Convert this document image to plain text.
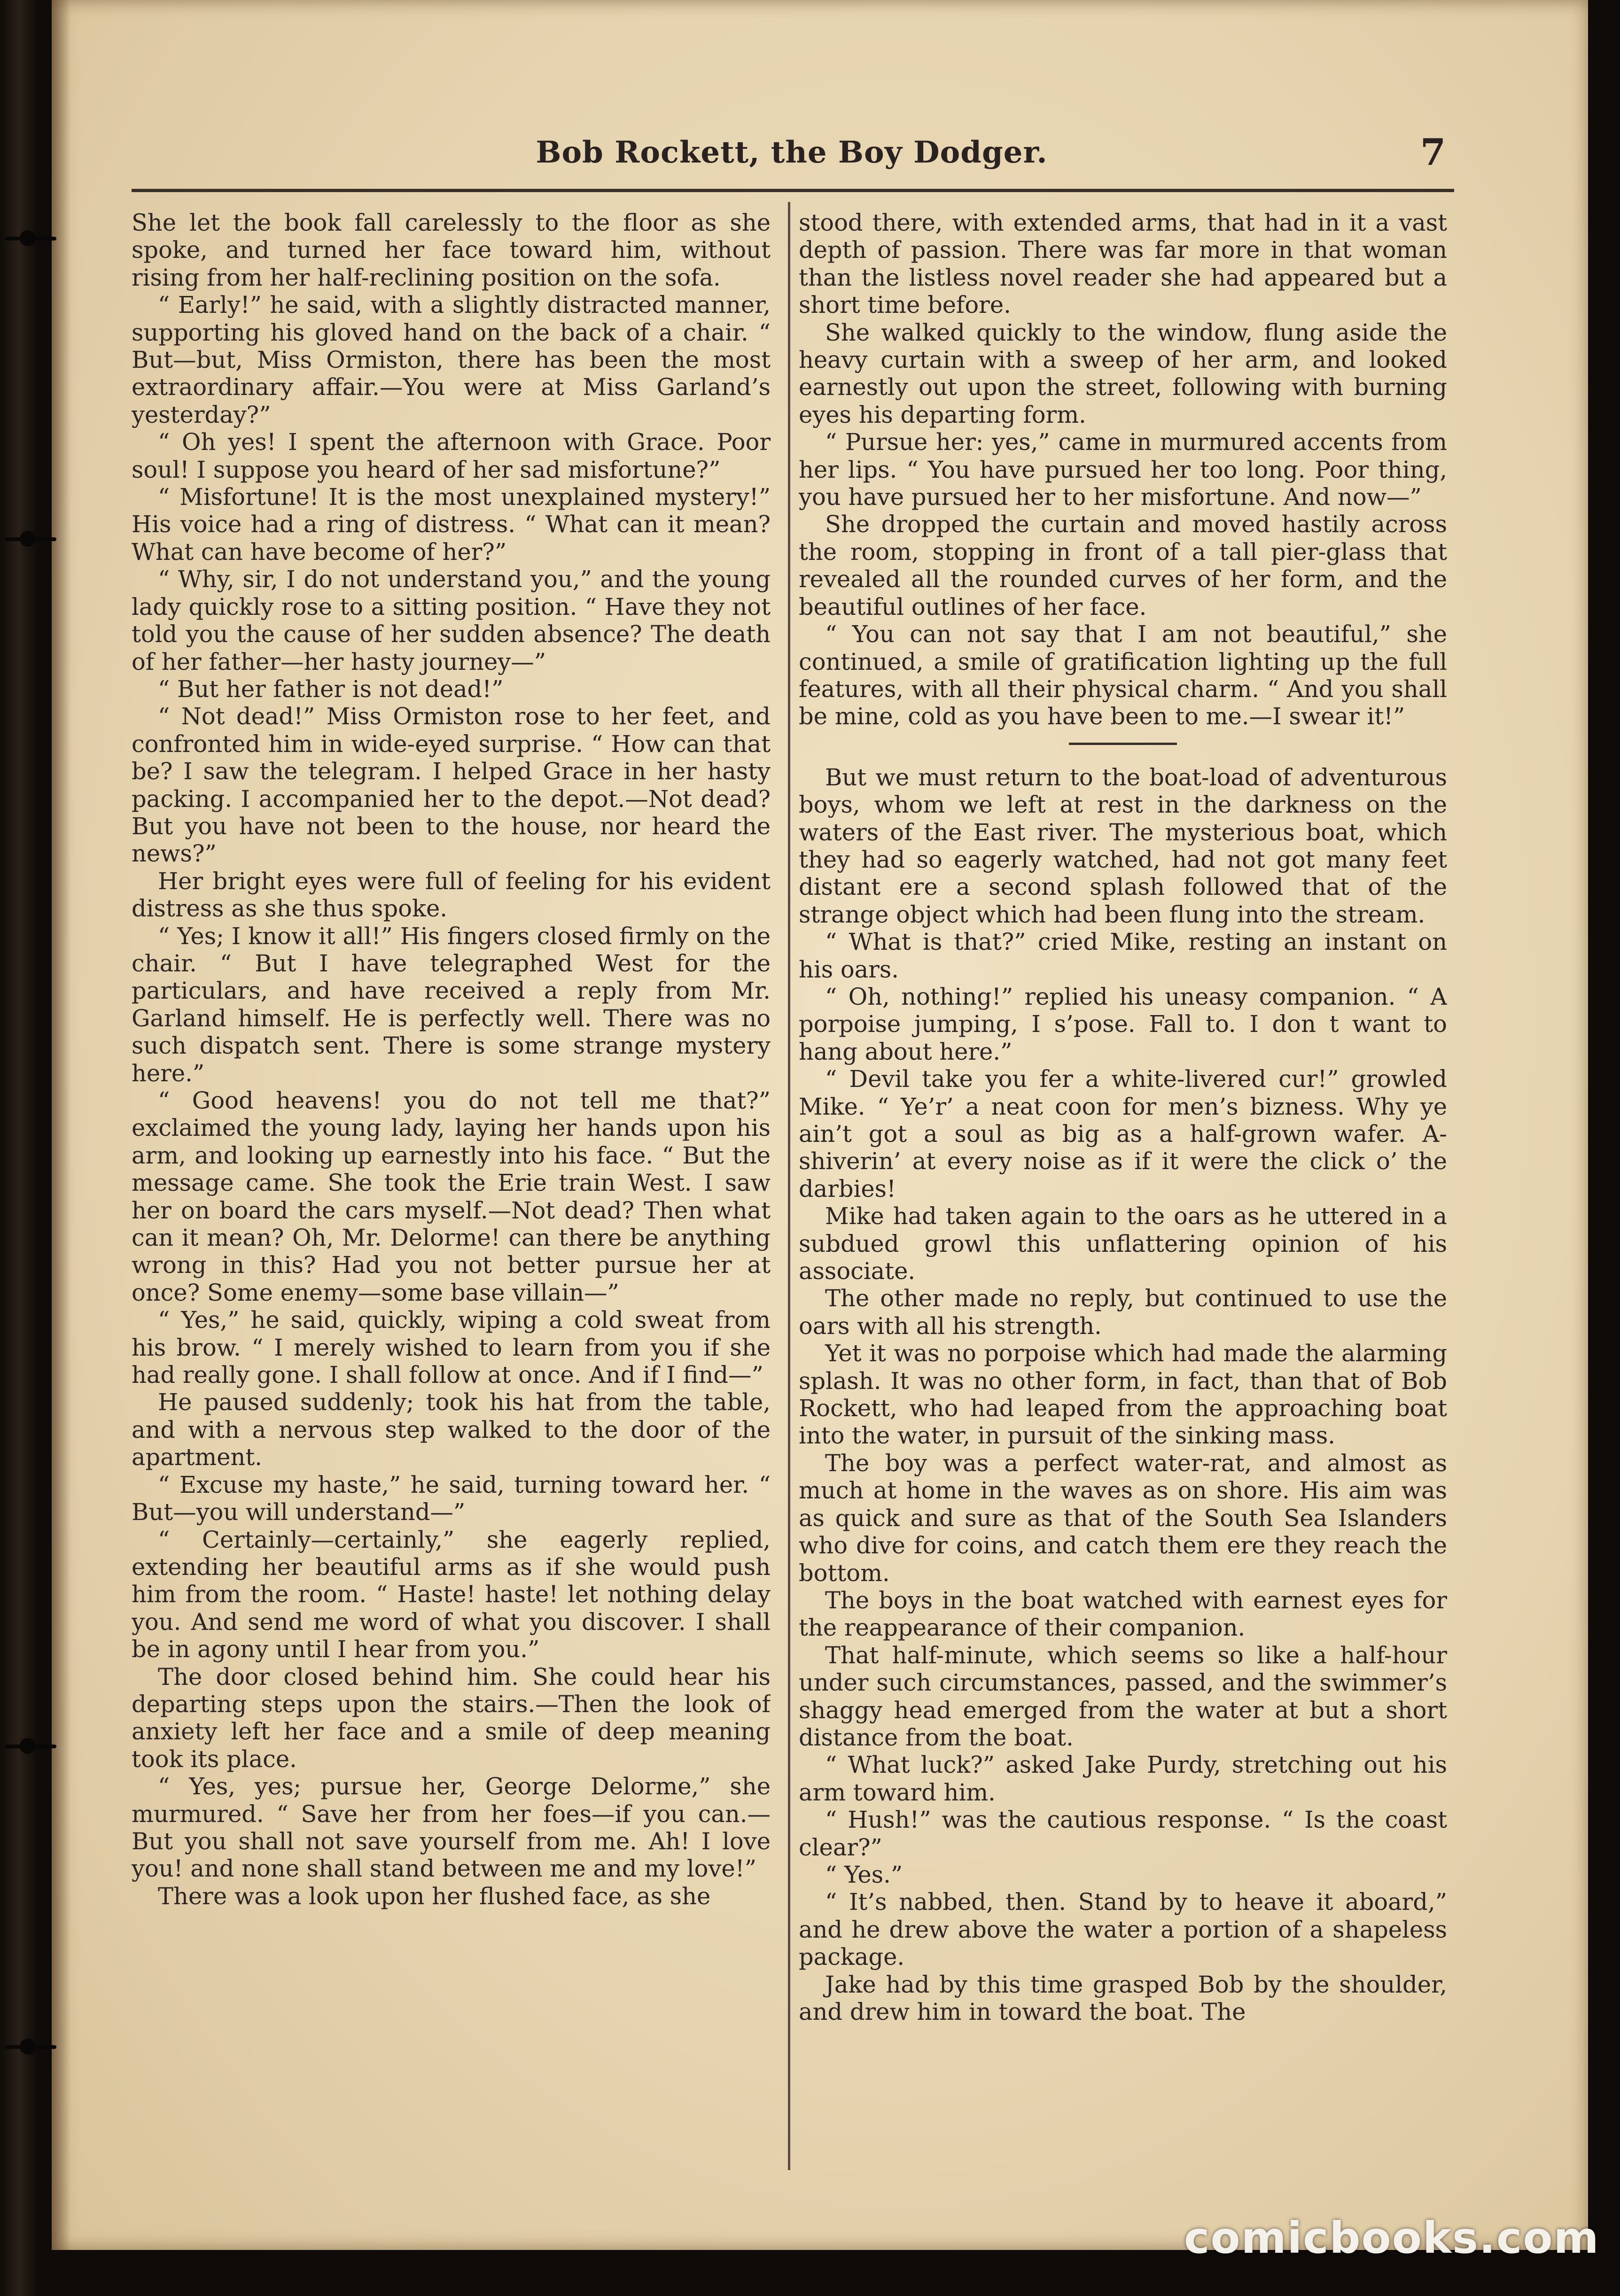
Bob Rockett, the Boy Dodger.	7

She let the book fall carelessly to the floor as she spoke, and turned her face toward him, without rising from her half-reclining position on the sofa.

“ Early!” he said, with a slightly distracted manner, supporting his gloved hand on the back of a chair. “ But—but, Miss Ormiston, there has been the most extraordinary affair.—You were at Miss Garland’s yesterday?”

“ Oh yes! I spent the afternoon with Grace. Poor soul! I suppose you heard of her sad misfortune?”

“ Misfortune! It is the most unexplained mystery!” His voice had a ring of distress. “ What can it mean? What can have become of her?”

“ Why, sir, I do not understand you,” and the young lady quickly rose to a sitting position. “ Have they not told you the cause of her sudden absence? The death of her father—her hasty journey—”

“ But her father is not dead!”

“ Not dead!” Miss Ormiston rose to her feet, and confronted him in wide-eyed surprise. “ How can that be? I saw the telegram. I helped Grace in her hasty packing. I accompanied her to the depot.—Not dead? But you have not been to the house, nor heard the news?”

Her bright eyes were full of feeling for his evident distress as she thus spoke.

“ Yes; I know it all!” His fingers closed firmly on the chair. “ But I have telegraphed West for the particulars, and have received a reply from Mr. Garland himself. He is perfectly well. There was no such dispatch sent. There is some strange mystery here.”

“ Good heavens! you do not tell me that?” exclaimed the young lady, laying her hands upon his arm, and looking up earnestly into his face. “ But the message came. She took the Erie train West. I saw her on board the cars myself.—Not dead? Then what can it mean? Oh, Mr. Delorme! can there be anything wrong in this? Had you not better pursue her at once? Some enemy—some base villain—”

“ Yes,” he said, quickly, wiping a cold sweat from his brow. “ I merely wished to learn from you if she had really gone. I shall follow at once. And if I find—”

He paused suddenly; took his hat from the table, and with a nervous step walked to the door of the apartment.

“ Excuse my haste,” he said, turning toward her. “ But—you will understand—”

“ Certainly—certainly,” she eagerly replied, extending her beautiful arms as if she would push him from the room. “ Haste! haste! let nothing delay you. And send me word of what you discover. I shall be in agony until I hear from you.”

The door closed behind him. She could hear his departing steps upon the stairs.—Then the look of anxiety left her face and a smile of deep meaning took its place.

“ Yes, yes; pursue her, George Delorme,” she murmured. “ Save her from her foes—if you can.—But you shall not save yourself from me. Ah! I love you! and none shall stand between me and my love!”

There was a look upon her flushed face, as she

stood there, with extended arms, that had in it a vast depth of passion. There was far more in that woman than the listless novel reader she had appeared but a short time before.

She walked quickly to the window, flung aside the heavy curtain with a sweep of her arm, and looked earnestly out upon the street, following with burning eyes his departing form.

“ Pursue her: yes,” came in murmured accents from her lips. “ You have pursued her too long. Poor thing, you have pursued her to her misfortune. And now—”

She dropped the curtain and moved hastily across the room, stopping in front of a tall pier-glass that revealed all the rounded curves of her form, and the beautiful outlines of her face.

“ You can not say that I am not beautiful,” she continued, a smile of gratification lighting up the full features, with all their physical charm. “ And you shall be mine, cold as you have been to me.—I swear it!”

But we must return to the boat-load of adventurous boys, whom we left at rest in the darkness on the waters of the East river. The mysterious boat, which they had so eagerly watched, had not got many feet distant ere a second splash followed that of the strange object which had been flung into the stream.

“ What is that?” cried Mike, resting an instant on his oars.

“ Oh, nothing!” replied his uneasy companion. “ A porpoise jumping, I s’pose. Fall to. I don t want to hang about here.”

“ Devil take you fer a white-livered cur!” growled Mike. “ Ye’r’ a neat coon for men’s bizness. Why ye ain’t got a soul as big as a half-grown wafer. A-shiverin’ at every noise as if it were the click o’ the darbies!

Mike had taken again to the oars as he uttered in a subdued growl this unflattering opinion of his associate.

The other made no reply, but continued to use the oars with all his strength.

Yet it was no porpoise which had made the alarming splash. It was no other form, in fact, than that of Bob Rockett, who had leaped from the approaching boat into the water, in pursuit of the sinking mass.

The boy was a perfect water-rat, and almost as much at home in the waves as on shore. His aim was as quick and sure as that of the South Sea Islanders who dive for coins, and catch them ere they reach the bottom.

The boys in the boat watched with earnest eyes for the reappearance of their companion.

That half-minute, which seems so like a half-hour under such circumstances, passed, and the swimmer’s shaggy head emerged from the water at but a short distance from the boat.

“ What luck?” asked Jake Purdy, stretching out his arm toward him.

“ Hush!” was the cautious response. “ Is the coast clear?”

“ Yes.”

“ It’s nabbed, then. Stand by to heave it aboard,” and he drew above the water a portion of a shapeless package.

Jake had by this time grasped Bob by the shoulder, and drew him in toward the boat. The

comicbooks.com
